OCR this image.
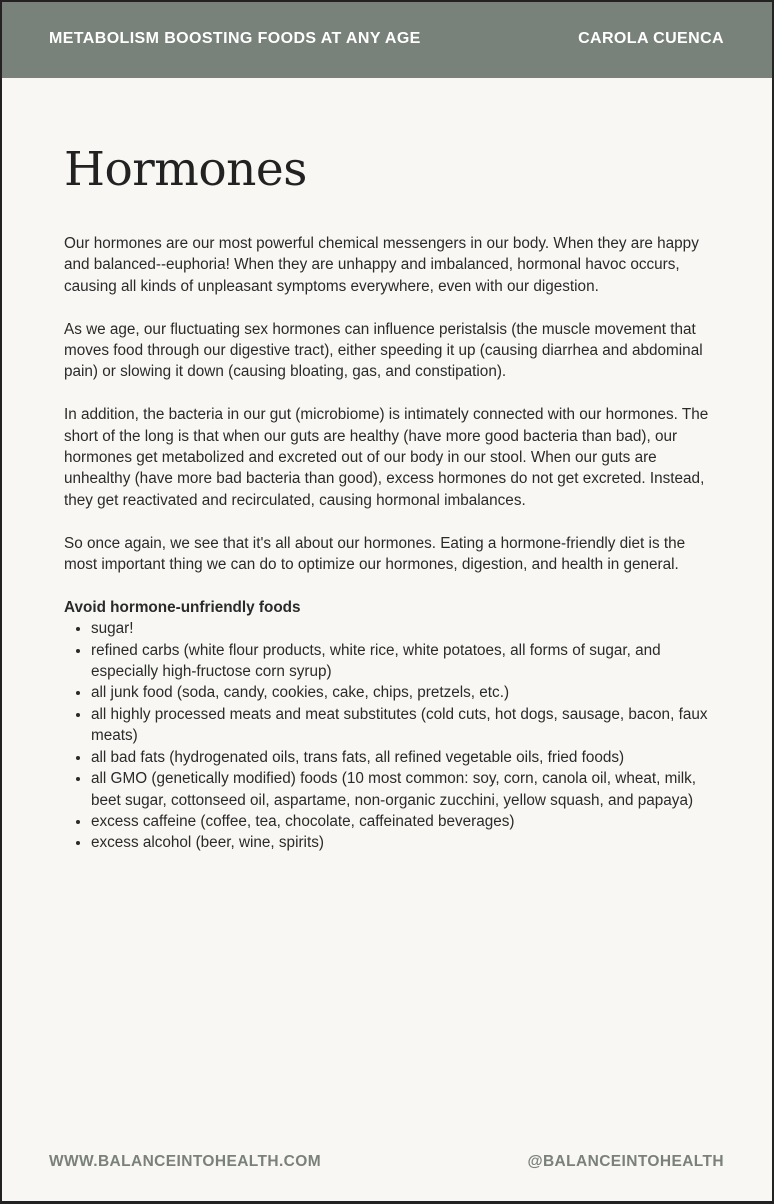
METABOLISM BOOSTING FOODS AT ANY AGE	CAROLA CUENCA
Hormones

Our hormones are our most powerful chemical messengers in our body. When they are happy and balanced--euphoria! When they are unhappy and imbalanced, hormonal havoc occurs, causing all kinds of unpleasant symptoms everywhere, even with our digestion.

As we age, our fluctuating sex hormones can influence peristalsis (the muscle movement that moves food through our digestive tract), either speeding it up (causing diarrhea and abdominal pain) or slowing it down (causing bloating, gas, and constipation).

In addition, the bacteria in our gut (microbiome) is intimately connected with our hormones. The short of the long is that when our guts are healthy (have more good bacteria than bad), our hormones get metabolized and excreted out of our body in our stool. When our guts are unhealthy (have more bad bacteria than good), excess hormones do not get excreted. Instead, they get reactivated and recirculated, causing hormonal imbalances.

So once again, we see that it's all about our hormones. Eating a hormone-friendly diet is the most important thing we can do to optimize our hormones, digestion, and health in general.

Avoid hormone-unfriendly foods

• sugar!
• refined carbs (white flour products, white rice, white potatoes, all forms of sugar, and especially high-fructose corn syrup)
• all junk food (soda, candy, cookies, cake, chips, pretzels, etc.)
• all highly processed meats and meat substitutes (cold cuts, hot dogs, sausage, bacon, faux meats)
• all bad fats (hydrogenated oils, trans fats, all refined vegetable oils, fried foods)
• all GMO (genetically modified) foods (10 most common: soy, corn, canola oil, wheat, milk, beet sugar, cottonseed oil, aspartame, non-organic zucchini, yellow squash, and papaya)
• excess caffeine (coffee, tea, chocolate, caffeinated beverages)
• excess alcohol (beer, wine, spirits)
WWW.BALANCEINTOHEALTH.COM	@BALANCEINTOHEALTH
